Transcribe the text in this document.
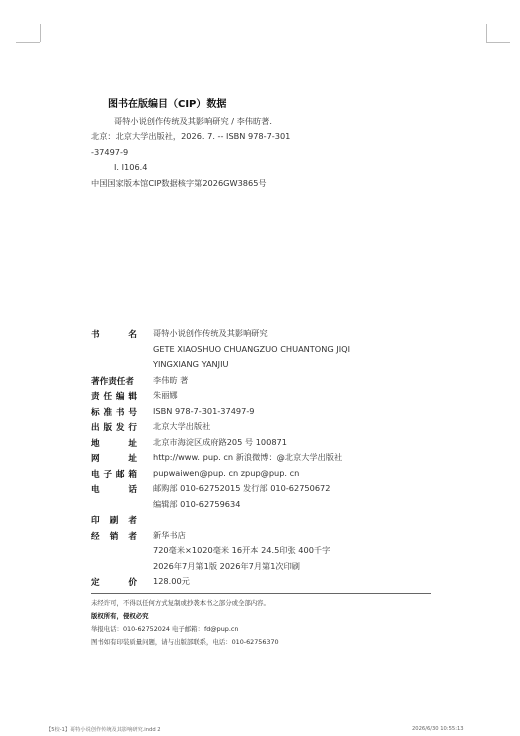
图书在版编目（CIP）数据
哥特小说创作传统及其影响研究 / 李伟昉著.
北京：北京大学出版社，2026. 7. -- ISBN 978-7-301
-37497-9
Ⅰ. I106.4
中国国家版本馆CIP数据核字第2026GW3865号
书	名 哥特小说创作传统及其影响研究
GETE XIAOSHUO CHUANGZUO CHUANTONG JIQI
YINGXIANG YANJIU
著作责任者 李伟昉 著
责 任 编 辑 朱丽娜
标 准 书 号 ISBN 978-7-301-37497-9
出 版 发 行 北京大学出版社
地	址 北京市海淀区成府路205 号 100871
网	址 http://www. pup. cn 新浪微博：@北京大学出版社
电 子 邮 箱 pupwaiwen@pup. cn zpup@pup. cn
电	话 邮购部 010-62752015 发行部 010-62750672
编辑部 010-62759634
印 刷 者
经 销 者 新华书店
720毫米×1020毫米 16开本 24.5印张 400千字
2026年7月第1版 2026年7月第1次印刷
定	价 128.00元
未经许可，不得以任何方式复制或抄袭本书之部分或全部内容。
版权所有，侵权必究
举报电话：010-62752024 电子邮箱：fd@pup.cn
图书如有印装质量问题，请与出版部联系，电话：010-62756370
【5校-1】哥特小说创作传统及其影响研究.indd 2	2026/6/30 10:55:13
